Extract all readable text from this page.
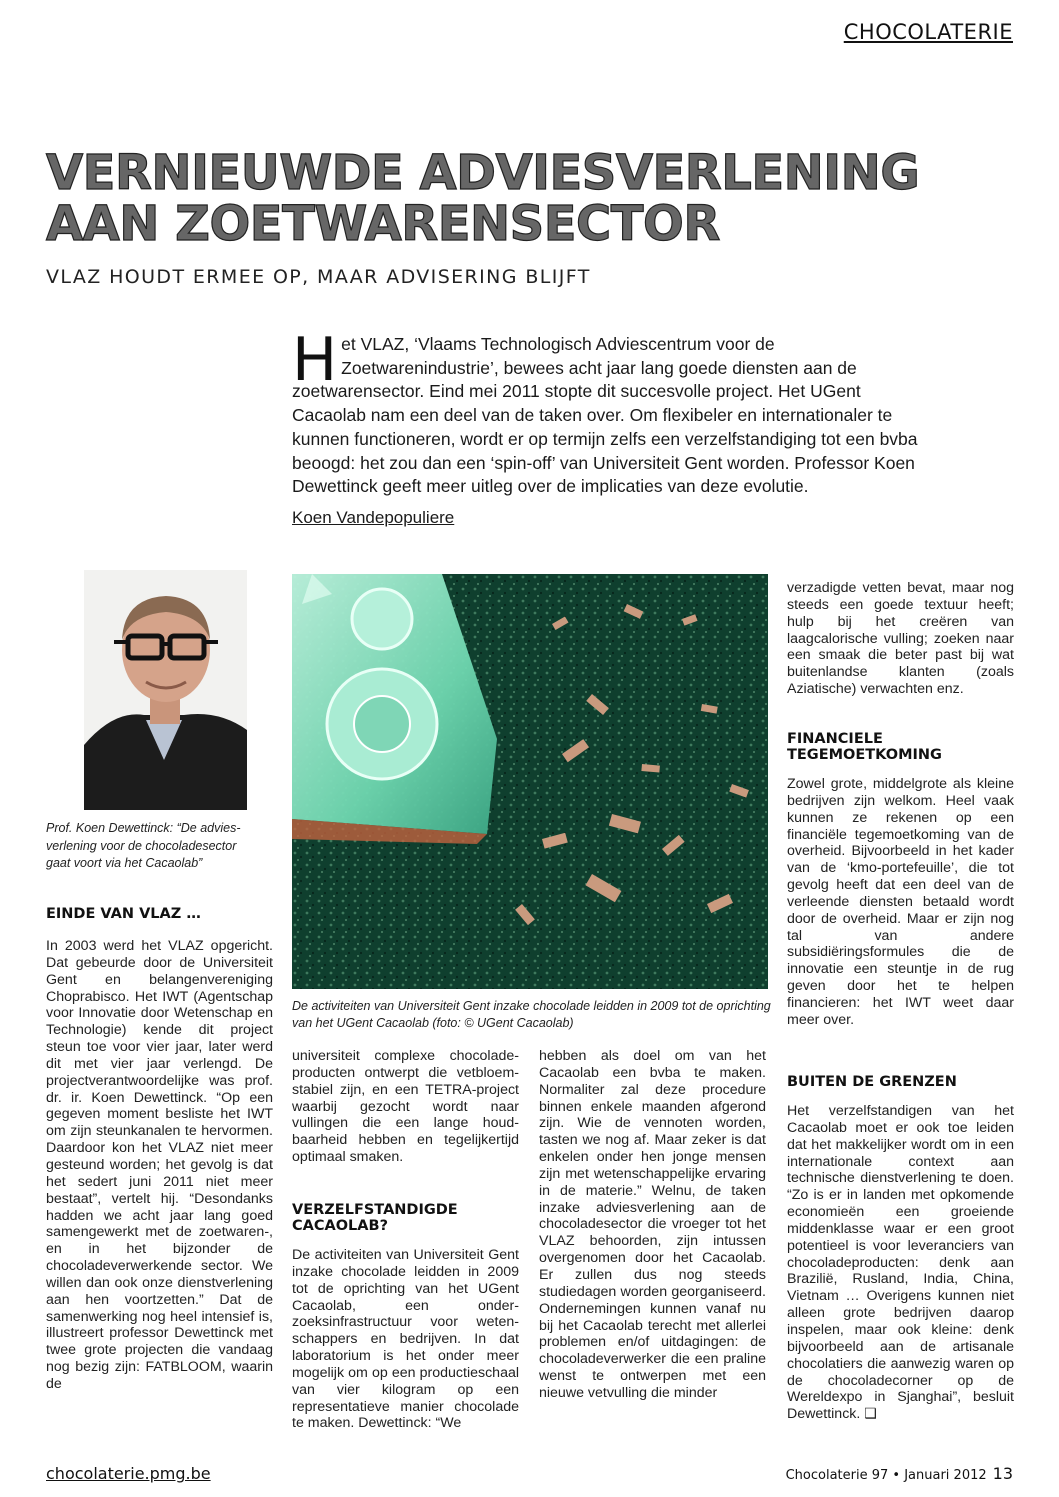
CHOCOLATERIE
VERNIEUWDE ADVIESVERLENING
AAN ZOETWARENSECTOR
VLAZ HOUDT ERMEE OP, MAAR ADVISERING BLIJFT

Het VLAZ, ‘Vlaams Technologisch Adviescentrum voor de Zoetwarenindustrie’, bewees acht jaar lang goede diensten aan de zoetwarensector. Eind mei 2011 stopte dit succesvolle project. Het UGent Cacaolab nam een deel van de taken over. Om flexibeler en internationaler te kunnen functioneren, wordt er op termijn zelfs een verzelfstandiging tot een bvba beoogd: het zou dan een ‘spin-off’ van Universiteit Gent worden. Professor Koen Dewettinck geeft meer uitleg over de implicaties van deze evolutie.

Koen Vandepopuliere

Prof. Koen Dewettinck: “De adviesverlening voor de chocoladesector gaat voort via het Cacaolab”

De activiteiten van Universiteit Gent inzake chocolade leidden in 2009 tot de oprichting van het UGent Cacaolab (foto: © UGent Cacaolab)

EINDE VAN VLAZ …

In 2003 werd het VLAZ opgericht. Dat gebeurde door de Universiteit Gent en belangenvereniging Choprabisco. Het IWT (Agentschap voor Innovatie door Wetenschap en Technologie) kende dit project steun toe voor vier jaar, later werd dit met vier jaar verlengd. De projectverantwoordelijke was prof. dr. ir. Koen Dewettinck. “Op een gegeven moment besliste het IWT om zijn steunkanalen te hervormen. Daardoor kon het VLAZ niet meer gesteund worden; het gevolg is dat het sedert juni 2011 niet meer bestaat”, vertelt hij. “Desondanks hadden we acht jaar lang goed samengewerkt met de zoetwaren-, en in het bijzonder de chocoladeverwerkende sector. We willen dan ook onze dienstverlening aan hen voortzetten.” Dat de samenwerking nog heel intensief is, illustreert professor Dewettinck met twee grote projecten die vandaag nog bezig zijn: FATBLOOM, waarin de

universiteit complexe chocoladeproducten ontwerpt die vetbloemstabiel zijn, en een TETRA-project waarbij gezocht wordt naar vullingen die een lange houdbaarheid hebben en tegelijkertijd optimaal smaken.

VERZELFSTANDIGDE
CACAOLAB?

De activiteiten van Universiteit Gent inzake chocolade leidden in 2009 tot de oprichting van het UGent Cacaolab, een onderzoeksinfrastructuur voor wetenschappers en bedrijven. In dat laboratorium is het onder meer mogelijk om op een productieschaal van vier kilogram op een representatieve manier chocolade te maken. Dewettinck: “We

hebben als doel om van het Cacaolab een bvba te maken. Normaliter zal deze procedure binnen enkele maanden afgerond zijn. Wie de vennoten worden, tasten we nog af. Maar zeker is dat enkelen onder hen jonge mensen zijn met wetenschappelijke ervaring in de materie.” Welnu, de taken inzake adviesverlening aan de chocoladesector die vroeger tot het VLAZ behoorden, zijn intussen overgenomen door het Cacaolab. Er zullen dus nog steeds studiedagen worden georganiseerd. Ondernemingen kunnen vanaf nu bij het Cacaolab terecht met allerlei problemen en/of uitdagingen: de chocoladeverwerker die een praline wenst te ontwerpen met een nieuwe vetvulling die minder

verzadigde vetten bevat, maar nog steeds een goede textuur heeft; hulp bij het creëren van laagcalorische vulling; zoeken naar een smaak die beter past bij wat buitenlandse klanten (zoals Aziatische) verwachten enz.

FINANCIELE
TEGEMOETKOMING

Zowel grote, middelgrote als kleine bedrijven zijn welkom. Heel vaak kunnen ze rekenen op een financiële tegemoetkoming van de overheid. Bijvoorbeeld in het kader van de ‘kmo-portefeuille’, die tot gevolg heeft dat een deel van de verleende diensten betaald wordt door de overheid. Maar er zijn nog tal van andere subsidiëringsformules die de innovatie een steuntje in de rug geven door het te helpen financieren: het IWT weet daar meer over.

BUITEN DE GRENZEN

Het verzelfstandigen van het Cacaolab moet er ook toe leiden dat het makkelijker wordt om in een internationale context aan technische dienstverlening te doen. “Zo is er in landen met opkomende economieën een groeiende middenklasse waar er een groot potentieel is voor leveranciers van chocoladeproducten: denk aan Brazilië, Rusland, India, China, Vietnam … Overigens kunnen niet alleen grote bedrijven daarop inspelen, maar ook kleine: denk bijvoorbeeld aan de artisanale chocolatiers die aanwezig waren op de chocoladecorner op de Wereldexpo in Sjanghai”, besluit Dewettinck. ❑

chocolaterie.pmg.be	Chocolaterie 97 • Januari 2012 13
